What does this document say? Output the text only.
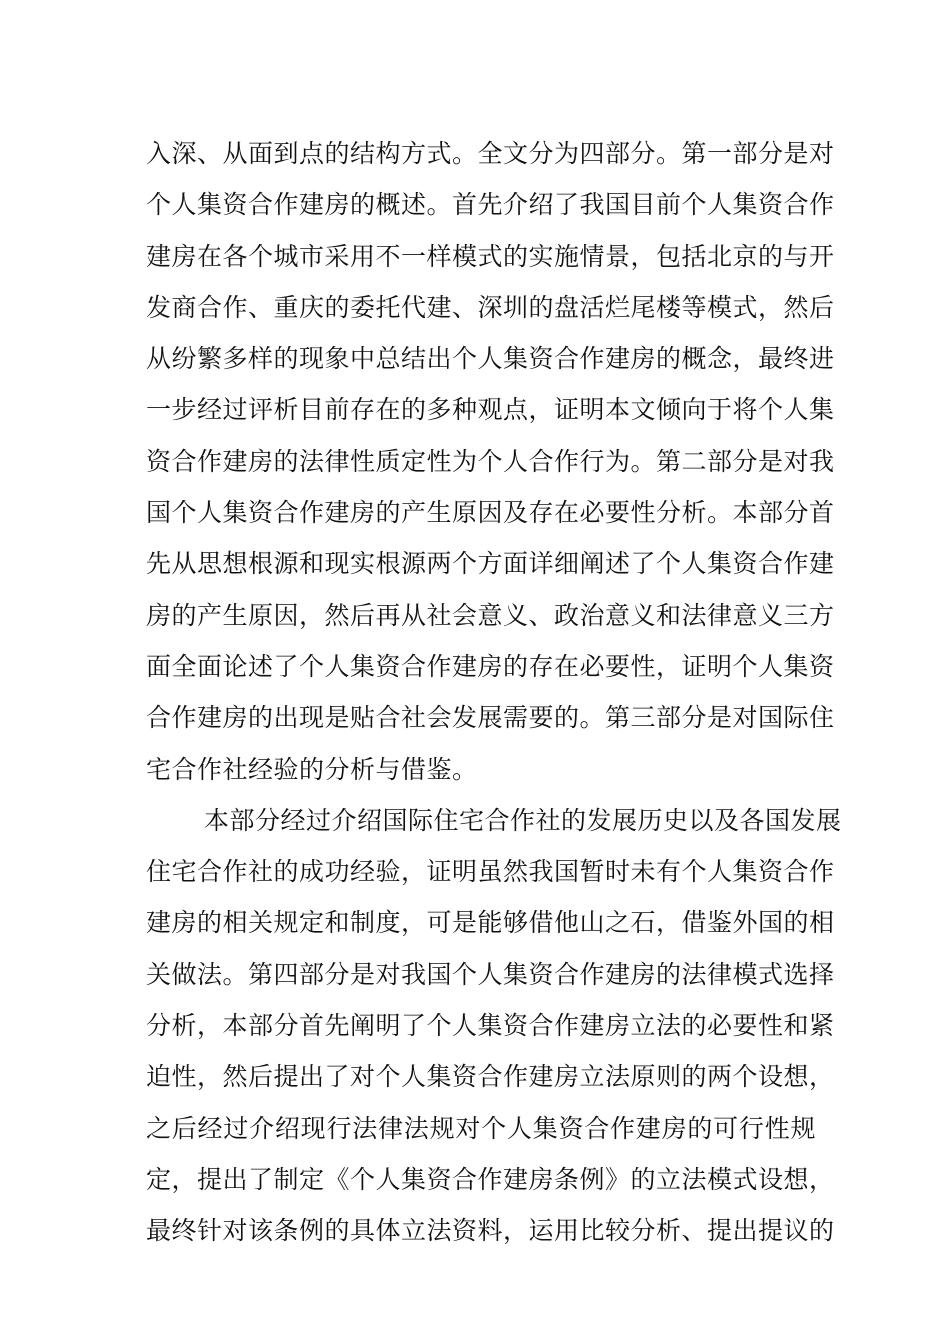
入深、从面到点的结构方式。全文分为四部分。第一部分是对
个人集资合作建房的概述。首先介绍了我国目前个人集资合作
建房在各个城市采用不一样模式的实施情景，包括北京的与开
发商合作、重庆的委托代建、深圳的盘活烂尾楼等模式，然后
从纷繁多样的现象中总结出个人集资合作建房的概念，最终进
一步经过评析目前存在的多种观点，证明本文倾向于将个人集
资合作建房的法律性质定性为个人合作行为。第二部分是对我
国个人集资合作建房的产生原因及存在必要性分析。本部分首
先从思想根源和现实根源两个方面详细阐述了个人集资合作建
房的产生原因，然后再从社会意义、政治意义和法律意义三方
面全面论述了个人集资合作建房的存在必要性，证明个人集资
合作建房的出现是贴合社会发展需要的。第三部分是对国际住
宅合作社经验的分析与借鉴。
本部分经过介绍国际住宅合作社的发展历史以及各国发展
住宅合作社的成功经验，证明虽然我国暂时未有个人集资合作
建房的相关规定和制度，可是能够借他山之石，借鉴外国的相
关做法。第四部分是对我国个人集资合作建房的法律模式选择
分析，本部分首先阐明了个人集资合作建房立法的必要性和紧
迫性，然后提出了对个人集资合作建房立法原则的两个设想，
之后经过介绍现行法律法规对个人集资合作建房的可行性规
定，提出了制定《个人集资合作建房条例》的立法模式设想，
最终针对该条例的具体立法资料，运用比较分析、提出提议的
